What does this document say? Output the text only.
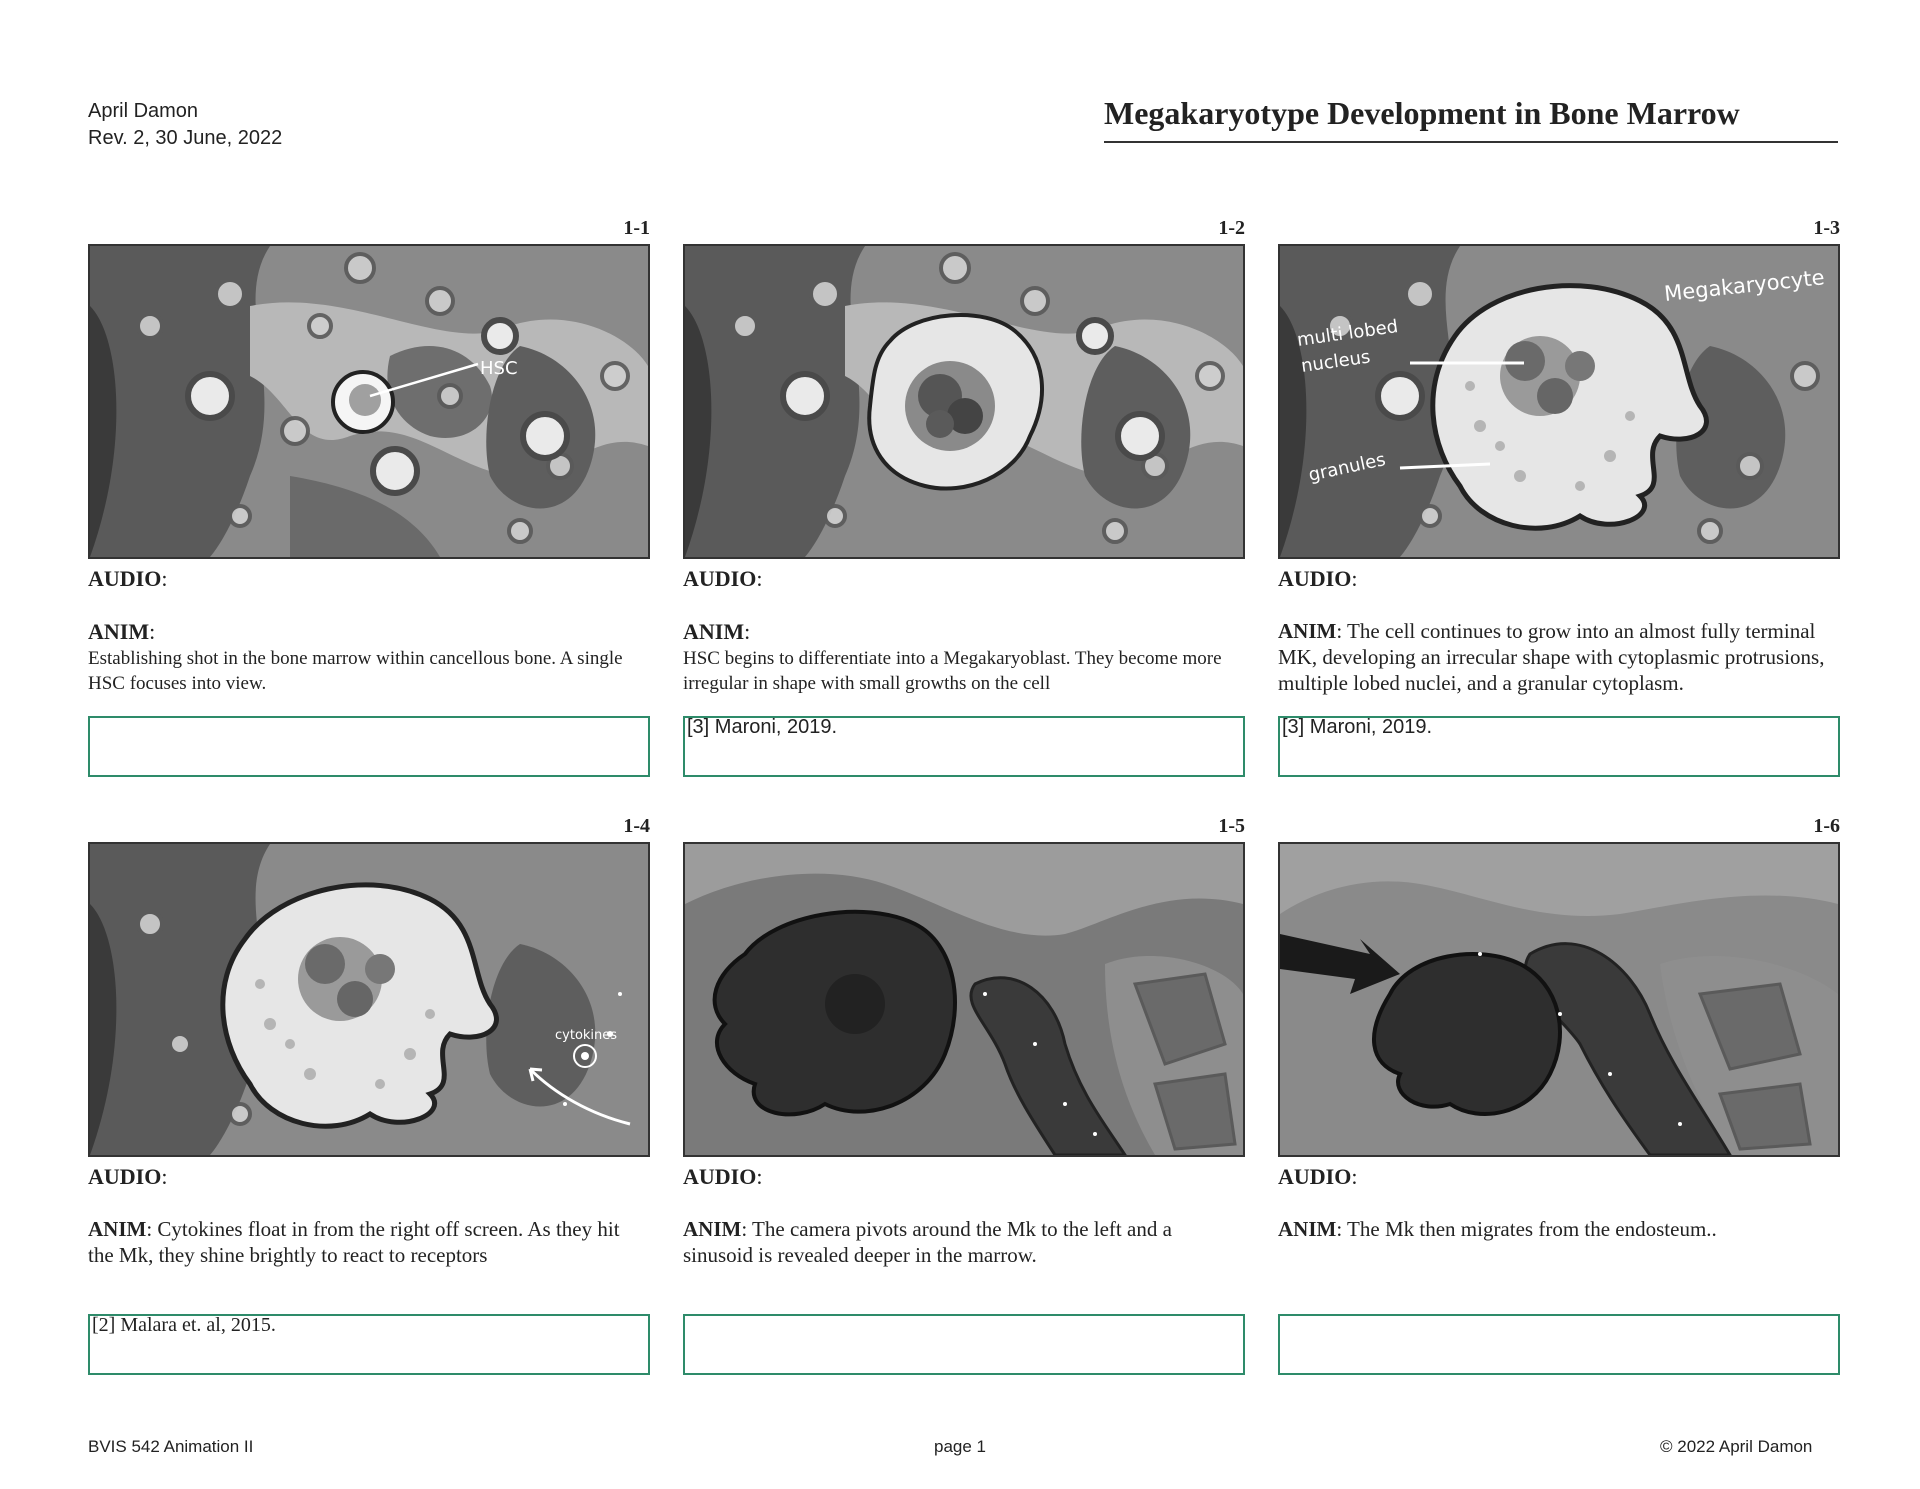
April Damon
Rev. 2, 30 June, 2022
Megakaryotype Development in Bone Marrow
1-1
HSC
AUDIO:
ANIM:
Establishing shot in the bone marrow within cancellous bone. A single HSC focuses into view.
1-2
AUDIO:
ANIM:
HSC begins to differentiate into a Megakaryoblast. They become more irregular in shape with small growths on the cell
[3] Maroni, 2019.
1-3
Megakaryocyte
multi lobed
nucleus
granules
AUDIO:
ANIM: The cell continues to grow into an almost fully terminal MK, developing an irrecular shape with cytoplasmic protrusions, multiple lobed nuclei, and a granular cytoplasm.
[3] Maroni, 2019.
1-4
cytokines
AUDIO:
ANIM: Cytokines float in from the right off screen. As they hit the Mk, they shine brightly to react to receptors
[2] Malara et. al, 2015.
1-5
AUDIO:
ANIM: The camera pivots around the Mk to the left and a sinusoid is revealed deeper in the marrow.
1-6
AUDIO:
ANIM: The Mk then migrates from the endosteum..
BVIS 542 Animation II	page 1	© 2022 April Damon
